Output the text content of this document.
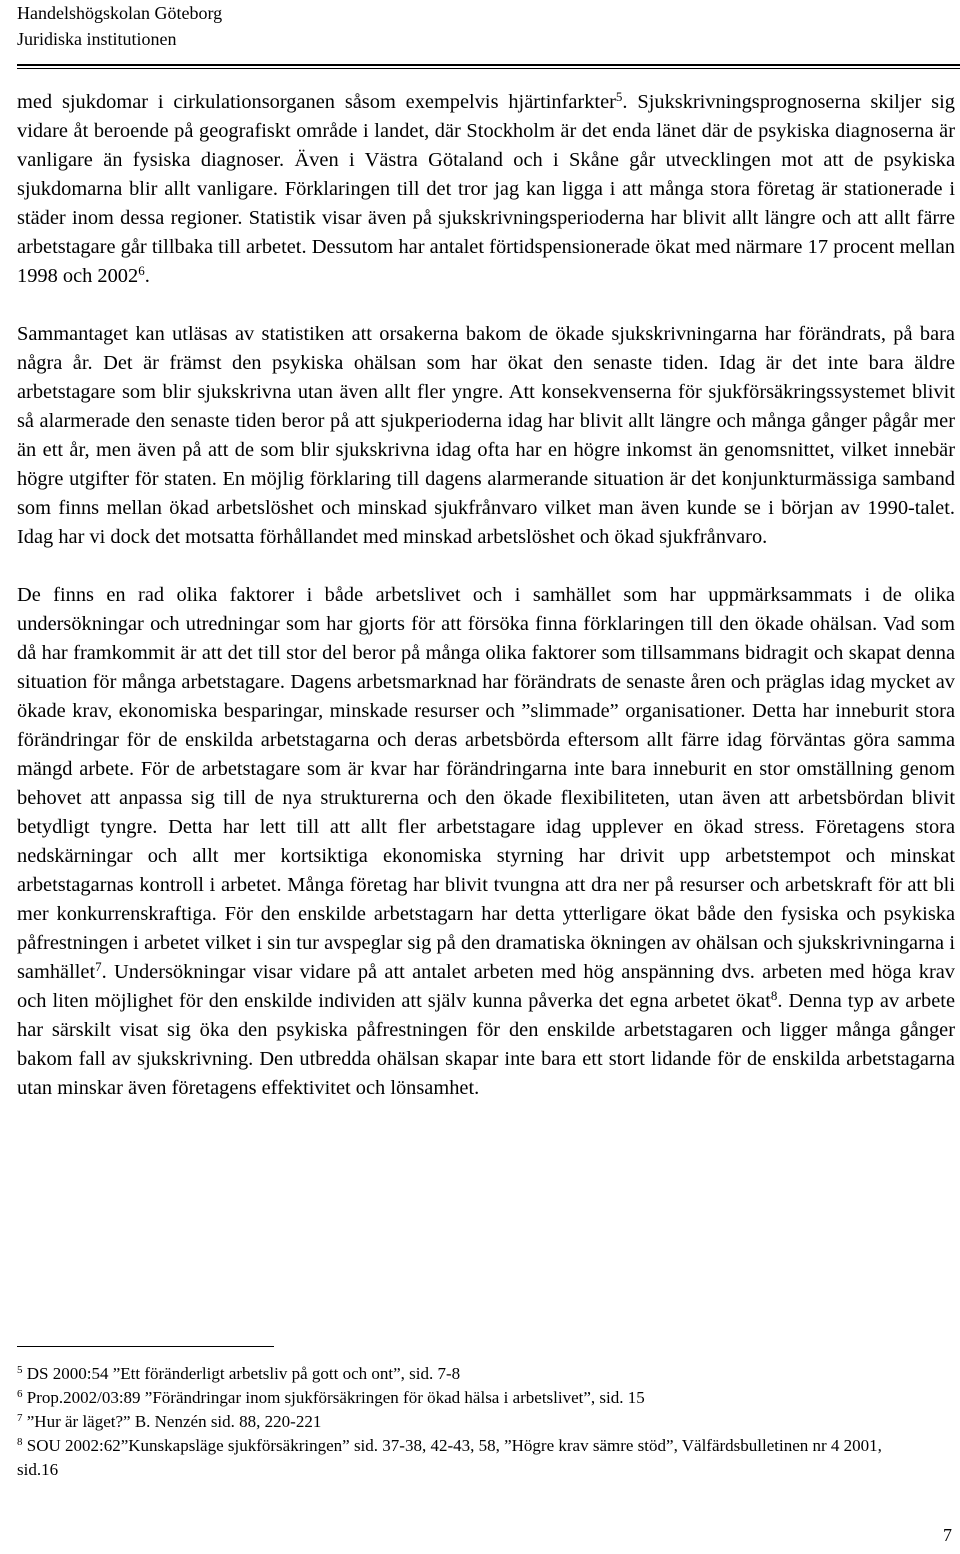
Handelshögskolan Göteborg
Juridiska institutionen

med sjukdomar i cirkulationsorganen såsom exempelvis hjärtinfarkter$^5$. Sjukskrivningsprognoserna skiljer sig vidare åt beroende på geografiskt område i landet, där Stockholm är det enda länet där de psykiska diagnoserna är vanligare än fysiska diagnoser. Även i Västra Götaland och i Skåne går utvecklingen mot att de psykiska sjukdomarna blir allt vanligare. Förklaringen till det tror jag kan ligga i att många stora företag är stationerade i städer inom dessa regioner. Statistik visar även på sjukskrivningsperioderna har blivit allt längre och att allt färre arbetstagare går tillbaka till arbetet. Dessutom har antalet förtidspensionerade ökat med närmare 17 procent mellan 1998 och 2002$^6$.

Sammantaget kan utläsas av statistiken att orsakerna bakom de ökade sjukskrivningarna har förändrats, på bara några år. Det är främst den psykiska ohälsan som har ökat den senaste tiden. Idag är det inte bara äldre arbetstagare som blir sjukskrivna utan även allt fler yngre. Att konsekvenserna för sjukförsäkringssystemet blivit så alarmerade den senaste tiden beror på att sjukperioderna idag har blivit allt längre och många gånger pågår mer än ett år, men även på att de som blir sjukskrivna idag ofta har en högre inkomst än genomsnittet, vilket innebär högre utgifter för staten. En möjlig förklaring till dagens alarmerande situation är det konjunkturmässiga samband som finns mellan ökad arbetslöshet och minskad sjukfrånvaro vilket man även kunde se i början av 1990-talet. Idag har vi dock det motsatta förhållandet med minskad arbetslöshet och ökad sjukfrånvaro.

De finns en rad olika faktorer i både arbetslivet och i samhället som har uppmärksammats i de olika undersökningar och utredningar som har gjorts för att försöka finna förklaringen till den ökade ohälsan. Vad som då har framkommit är att det till stor del beror på många olika faktorer som tillsammans bidragit och skapat denna situation för många arbetstagare. Dagens arbetsmarknad har förändrats de senaste åren och präglas idag mycket av ökade krav, ekonomiska besparingar, minskade resurser och ”slimmade” organisationer. Detta har inneburit stora förändringar för de enskilda arbetstagarna och deras arbetsbörda eftersom allt färre idag förväntas göra samma mängd arbete. För de arbetstagare som är kvar har förändringarna inte bara inneburit en stor omställning genom behovet att anpassa sig till de nya strukturerna och den ökade flexibiliteten, utan även att arbetsbördan blivit betydligt tyngre. Detta har lett till att allt fler arbetstagare idag upplever en ökad stress. Företagens stora nedskärningar och allt mer kortsiktiga ekonomiska styrning har drivit upp arbetstempot och minskat arbetstagarnas kontroll i arbetet. Många företag har blivit tvungna att dra ner på resurser och arbetskraft för att bli mer konkurrenskraftiga. För den enskilde arbetstagarn har detta ytterligare ökat både den fysiska och psykiska påfrestningen i arbetet vilket i sin tur avspeglar sig på den dramatiska ökningen av ohälsan och sjukskrivningarna i samhället$^7$. Undersökningar visar vidare på att antalet arbeten med hög anspänning dvs. arbeten med höga krav och liten möjlighet för den enskilde individen att själv kunna påverka det egna arbetet ökat$^8$. Denna typ av arbete har särskilt visat sig öka den psykiska påfrestningen för den enskilde arbetstagaren och ligger många gånger bakom fall av sjukskrivning. Den utbredda ohälsan skapar inte bara ett stort lidande för de enskilda arbetstagarna utan minskar även företagens effektivitet och lönsamhet.

$^5$ DS 2000:54 ”Ett föränderligt arbetsliv på gott och ont”, sid. 7-8

$^6$ Prop.2002/03:89 ”Förändringar inom sjukförsäkringen för ökad hälsa i arbetslivet”, sid. 15

$^7$ ”Hur är läget?” B. Nenzén sid. 88, 220-221

$^8$ SOU 2002:62”Kunskapsläge sjukförsäkringen” sid. 37-38, 42-43, 58, ”Högre krav sämre stöd”, Välfärdsbulletinen nr 4 2001, sid.16

7
